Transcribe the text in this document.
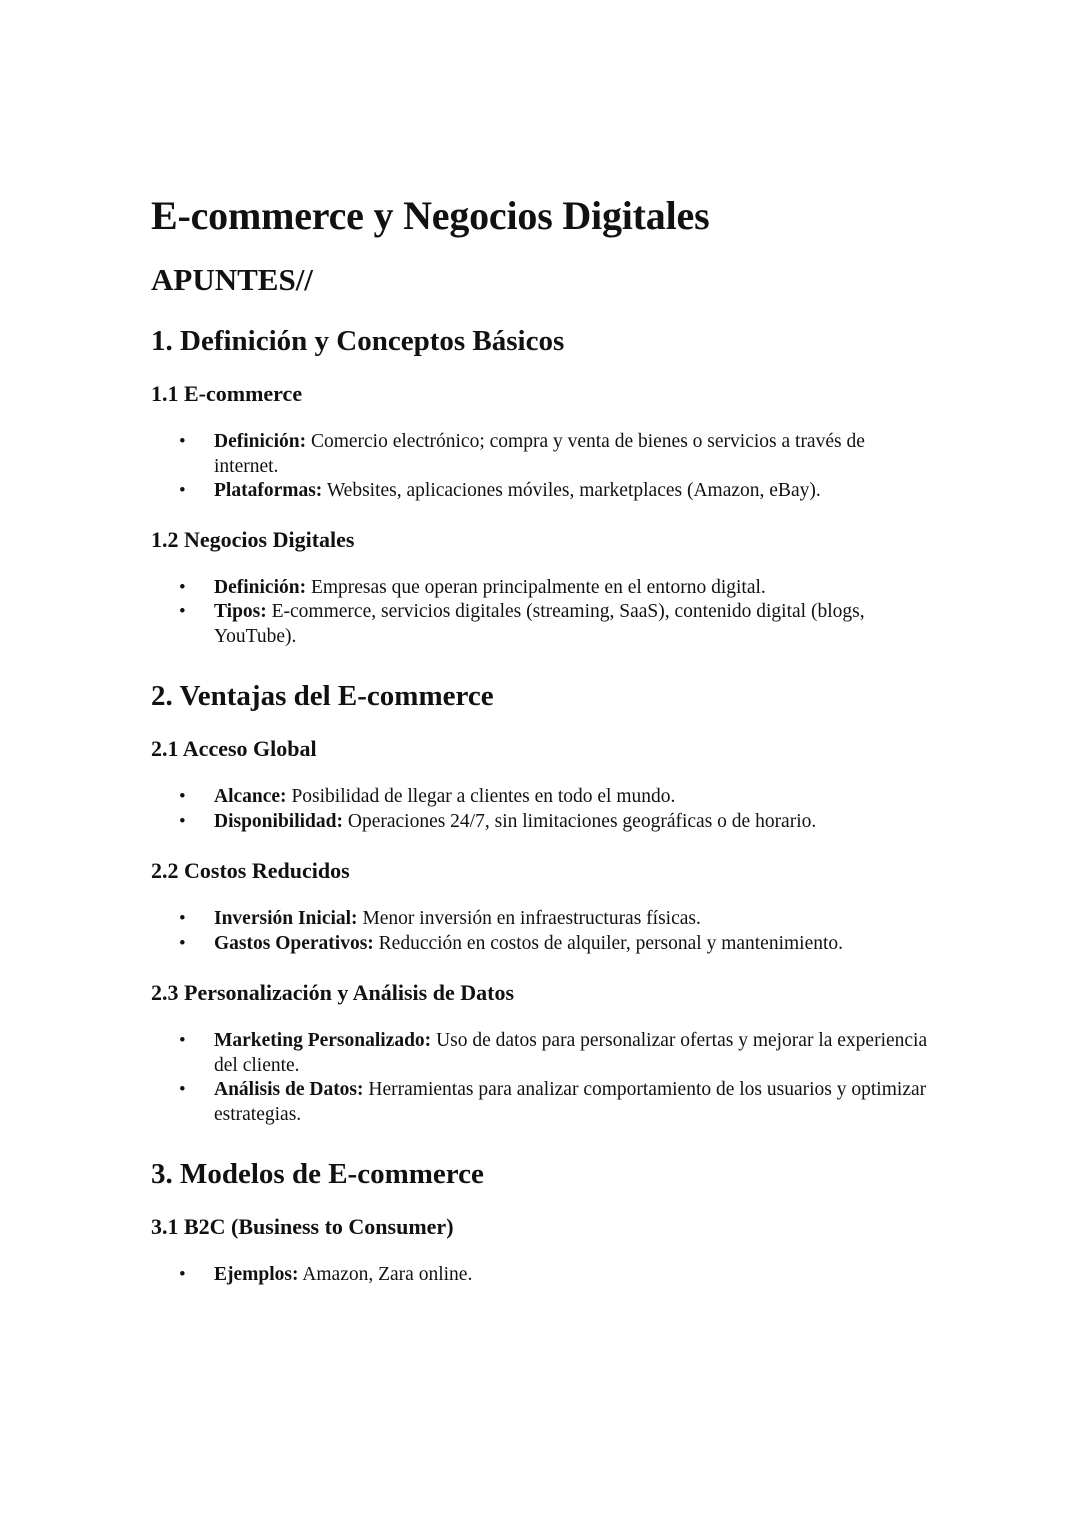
E-commerce y Negocios Digitales
APUNTES//
1. Definición y Conceptos Básicos
1.1 E-commerce
• Definición: Comercio electrónico; compra y venta de bienes o servicios a través de internet.
• Plataformas: Websites, aplicaciones móviles, marketplaces (Amazon, eBay).
1.2 Negocios Digitales
• Definición: Empresas que operan principalmente en el entorno digital.
• Tipos: E-commerce, servicios digitales (streaming, SaaS), contenido digital (blogs, YouTube).
2. Ventajas del E-commerce
2.1 Acceso Global
• Alcance: Posibilidad de llegar a clientes en todo el mundo.
• Disponibilidad: Operaciones 24/7, sin limitaciones geográficas o de horario.
2.2 Costos Reducidos
• Inversión Inicial: Menor inversión en infraestructuras físicas.
• Gastos Operativos: Reducción en costos de alquiler, personal y mantenimiento.
2.3 Personalización y Análisis de Datos
• Marketing Personalizado: Uso de datos para personalizar ofertas y mejorar la experiencia del cliente.
• Análisis de Datos: Herramientas para analizar comportamiento de los usuarios y optimizar estrategias.
3. Modelos de E-commerce
3.1 B2C (Business to Consumer)
• Ejemplos: Amazon, Zara online.
